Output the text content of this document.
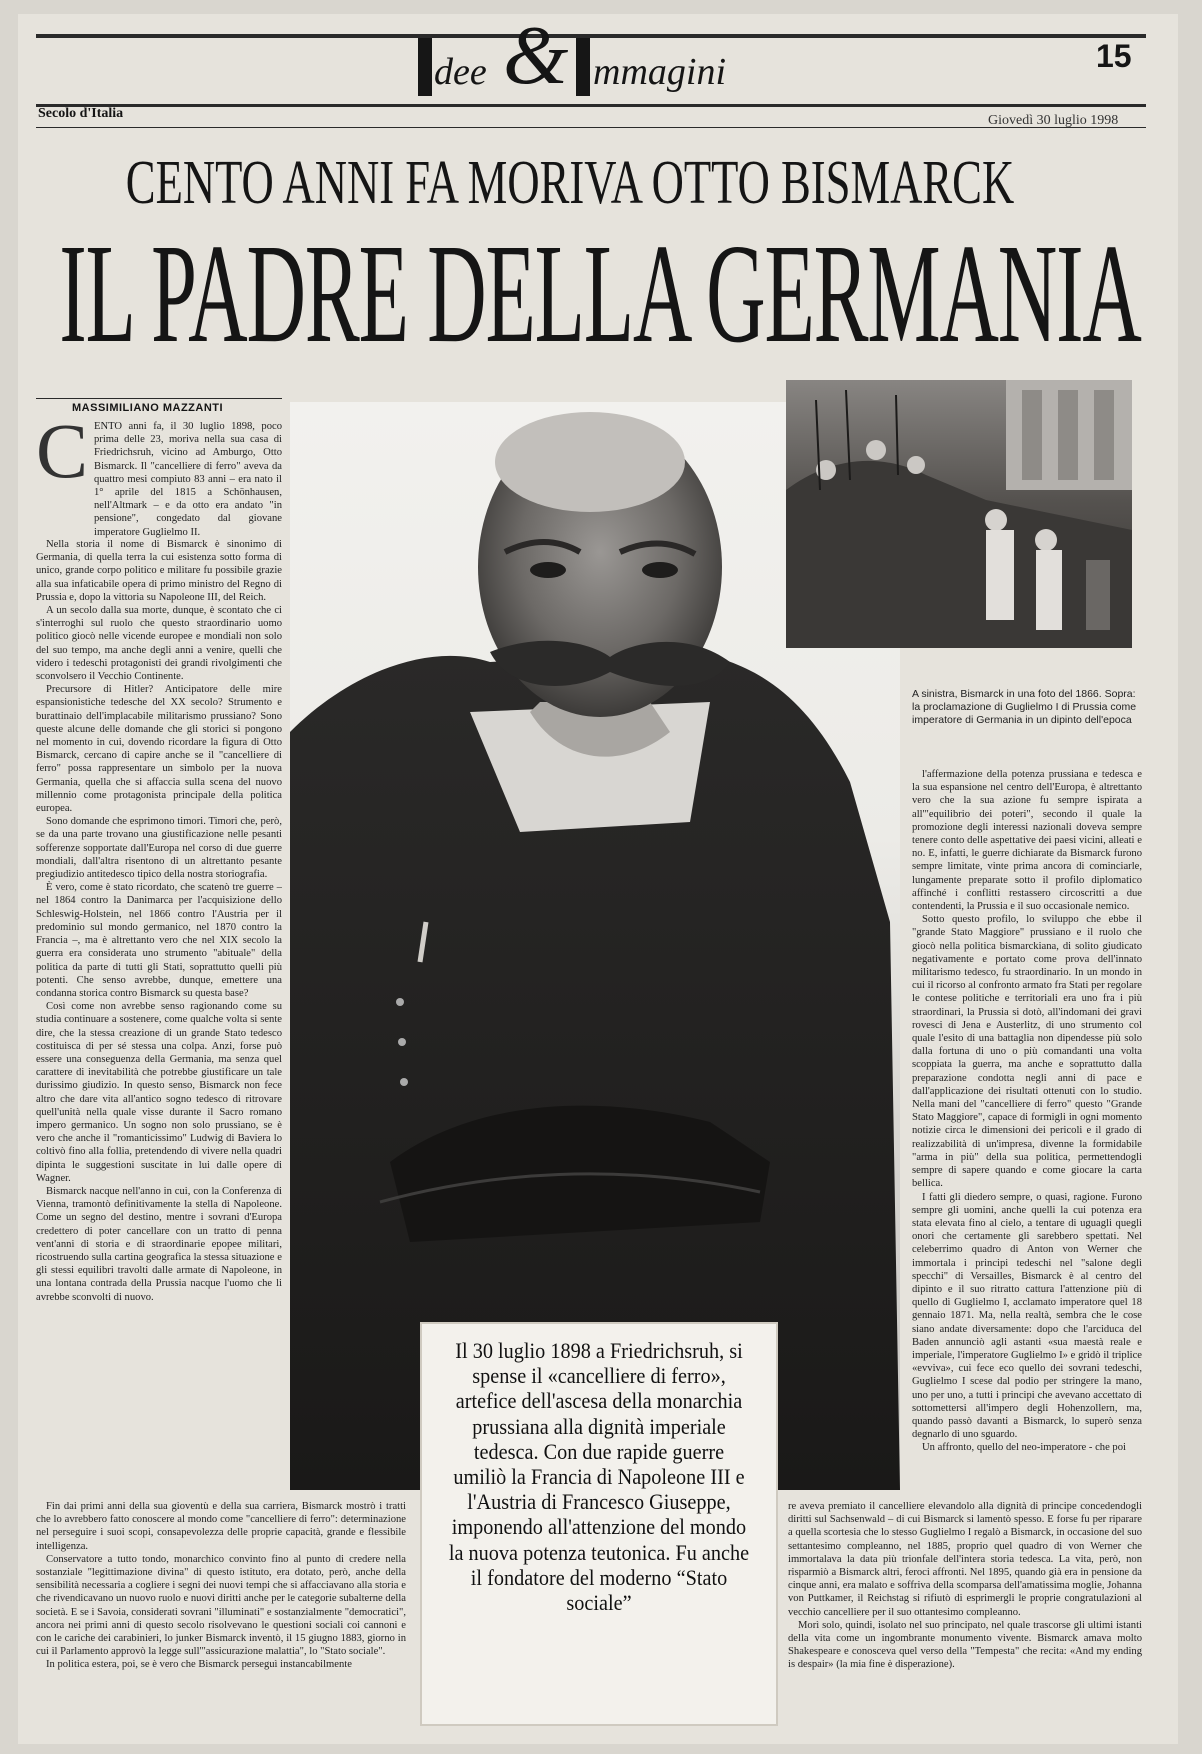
dee & mmagini	15
Secolo d'Italia	Giovedì 30 luglio 1998
CENTO ANNI FA MORIVA OTTO BISMARCK
IL PADRE DELLA GERMANIA
MASSIMILIANO MAZZANTI
C ENTO anni fa, il 30 luglio 1898, poco prima delle 23, moriva nella sua casa di Friedrichsruh, vicino ad Amburgo, Otto Bismarck. Il "cancelliere di ferro" aveva da quattro mesi compiuto 83 anni – era nato il 1° aprile del 1815 a Schönhausen, nell'Altmark – e da otto era andato "in pensione", congedato dal giovane imperatore Guglielmo II.

Nella storia il nome di Bismarck è sinonimo di Germania, di quella terra la cui esistenza sotto forma di unico, grande corpo politico e militare fu possibile grazie alla sua infaticabile opera di primo ministro del Regno di Prussia e, dopo la vittoria su Napoleone III, del Reich.

A un secolo dalla sua morte, dunque, è scontato che ci s'interroghi sul ruolo che questo straordinario uomo politico giocò nelle vicende europee e mondiali non solo del suo tempo, ma anche degli anni a venire, quelli che videro i tedeschi protagonisti dei grandi rivolgimenti che sconvolsero il Vecchio Continente.

Precursore di Hitler? Anticipatore delle mire espansionistiche tedesche del XX secolo? Strumento e burattinaio dell'implacabile militarismo prussiano? Sono queste alcune delle domande che gli storici si pongono nel momento in cui, dovendo ricordare la figura di Otto Bismarck, cercano di capire anche se il "cancelliere di ferro" possa rappresentare un simbolo per la nuova Germania, quella che si affaccia sulla scena del nuovo millennio come protagonista principale della politica europea.

Sono domande che esprimono timori. Timori che, però, se da una parte trovano una giustificazione nelle pesanti sofferenze sopportate dall'Europa nel corso di due guerre mondiali, dall'altra risentono di un altrettanto pesante pregiudizio antitedesco tipico della nostra storiografia.

È vero, come è stato ricordato, che scatenò tre guerre – nel 1864 contro la Danimarca per l'acquisizione dello Schleswig-Holstein, nel 1866 contro l'Austria per il predominio sul mondo germanico, nel 1870 contro la Francia –, ma è altrettanto vero che nel XIX secolo la guerra era considerata uno strumento "abituale" della politica da parte di tutti gli Stati, soprattutto quelli più potenti. Che senso avrebbe, dunque, emettere una condanna storica contro Bismarck su questa base?

Così come non avrebbe senso ragionando come su studia continuare a sostenere, come qualche volta si sente dire, che la stessa creazione di un grande Stato tedesco costituisca di per sé stessa una colpa. Anzi, forse può essere una conseguenza della Germania, ma senza quel carattere di inevitabilità che potrebbe giustificare un tale durissimo giudizio. In questo senso, Bismarck non fece altro che dare vita all'antico sogno tedesco di ritrovare quell'unità nella quale visse durante il Sacro romano impero germanico. Un sogno non solo prussiano, se è vero che anche il "romanticissimo" Ludwig di Baviera lo coltivò fino alla follia, pretendendo di vivere nella quadri dipinta le suggestioni suscitate in lui dalle opere di Wagner.

Bismarck nacque nell'anno in cui, con la Conferenza di Vienna, tramontò definitivamente la stella di Napoleone. Come un segno del destino, mentre i sovrani d'Europa credettero di poter cancellare con un tratto di penna vent'anni di storia e di straordinarie epopee militari, ricostruendo sulla cartina geografica la stessa situazione e gli stessi equilibri travolti dalle armate di Napoleone, in una lontana contrada della Prussia nacque l'uomo che li avrebbe sconvolti di nuovo.

Fin dai primi anni della sua gioventù e della sua carriera, Bismarck mostrò i tratti che lo avrebbero fatto conoscere al mondo come "cancelliere di ferro": determinazione nel perseguire i suoi scopi, consapevolezza delle proprie capacità, grande e flessibile intelligenza.

Conservatore a tutto tondo, monarchico convinto fino al punto di credere nella sostanziale "legittimazione divina" di questo istituto, era dotato, però, anche della sensibilità necessaria a cogliere i segni dei nuovi tempi che si affacciavano alla storia e che rivendicavano un nuovo ruolo e nuovi diritti anche per le categorie subalterne della società. E se i Savoia, considerati sovrani "illuminati" e sostanzialmente "democratici", ancora nei primi anni di questo secolo risolvevano le questioni sociali coi cannoni e con le cariche dei carabinieri, lo junker Bismarck inventò, il 15 giugno 1883, giorno in cui il Parlamento approvò la legge sull'"assicurazione malattia", lo "Stato sociale".

In politica estera, poi, se è vero che Bismarck perseguì instancabilmente

A sinistra, Bismarck in una foto del 1866. Sopra: la proclamazione di Guglielmo I di Prussia come imperatore di Germania in un dipinto dell'epoca

l'affermazione della potenza prussiana e tedesca e la sua espansione nel centro dell'Europa, è altrettanto vero che la sua azione fu sempre ispirata a all'"equilibrio dei poteri", secondo il quale la promozione degli interessi nazionali doveva sempre tenere conto delle aspettative dei paesi vicini, alleati e no. E, infatti, le guerre dichiarate da Bismarck furono sempre limitate, vinte prima ancora di cominciarle, lungamente preparate sotto il profilo diplomatico affinché i conflitti restassero circoscritti a due contendenti, la Prussia e il suo occasionale nemico.

Sotto questo profilo, lo sviluppo che ebbe il "grande Stato Maggiore" prussiano e il ruolo che giocò nella politica bismarckiana, di solito giudicato negativamente e portato come prova dell'innato militarismo tedesco, fu straordinario. In un mondo in cui il ricorso al confronto armato fra Stati per regolare le contese politiche e territoriali era uno fra i più straordinari, la Prussia si dotò, all'indomani dei gravi rovesci di Jena e Austerlitz, di uno strumento col quale l'esito di una battaglia non dipendesse più solo dalla fortuna di uno o più comandanti una volta scoppiata la guerra, ma anche e soprattutto dalla preparazione condotta negli anni di pace e dall'applicazione dei risultati ottenuti con lo studio. Nella mani del "cancelliere di ferro" questo "Grande Stato Maggiore", capace di formigli in ogni momento notizie circa le dimensioni dei pericoli e il grado di realizzabilità di un'impresa, divenne la formidabile "arma in più" della sua politica, permettendogli sempre di sapere quando e come giocare la carta bellica.

I fatti gli diedero sempre, o quasi, ragione. Furono sempre gli uomini, anche quelli la cui potenza era stata elevata fino al cielo, a tentare di uguagli quegli onori che certamente gli sarebbero spettati. Nel celeberrimo quadro di Anton von Werner che immortala i principi tedeschi nel "salone degli specchi" di Versailles, Bismarck è al centro del dipinto e il suo ritratto cattura l'attenzione più di quello di Guglielmo I, acclamato imperatore quel 18 gennaio 1871. Ma, nella realtà, sembra che le cose siano andate diversamente: dopo che l'arciduca del Baden annunciò agli astanti «sua maestà reale e imperiale, l'imperatore Guglielmo I» e gridò il triplice «evviva», cui fece eco quello dei sovrani tedeschi, Guglielmo I scese dal podio per stringere la mano, uno per uno, a tutti i principi che avevano accettato di sottomettersi all'impero degli Hohenzollern, ma, quando passò davanti a Bismarck, lo superò senza degnarlo di uno sguardo.

Un affronto, quello del neo-imperatore - che poi

re aveva premiato il cancelliere elevandolo alla dignità di principe concedendogli diritti sul Sachsenwald – di cui Bismarck si lamentò spesso. E forse fu per riparare a quella scortesia che lo stesso Guglielmo I regalò a Bismarck, in occasione del suo settantesimo compleanno, nel 1885, proprio quel quadro di von Werner che immortalava la data più trionfale dell'intera storia tedesca. La vita, però, non risparmiò a Bismarck altri, feroci affronti. Nel 1895, quando già era in pensione da cinque anni, era malato e soffriva della scomparsa dell'amatissima moglie, Johanna von Puttkamer, il Reichstag si rifiutò di esprimergli le proprie congratulazioni al vecchio cancelliere per il suo ottantesimo compleanno.

Morì solo, quindi, isolato nel suo principato, nel quale trascorse gli ultimi istanti della vita come un ingombrante monumento vivente. Bismarck amava molto Shakespeare e conosceva quel verso della "Tempesta" che recita: «And my ending is despair» (la mia fine è disperazione).

Il 30 luglio 1898 a Friedrichsruh, si spense il «cancelliere di ferro», artefice dell'ascesa della monarchia prussiana alla dignità imperiale tedesca. Con due rapide guerre umiliò la Francia di Napoleone III e l'Austria di Francesco Giuseppe, imponendo all'attenzione del mondo la nuova potenza teutonica. Fu anche il fondatore del moderno “Stato sociale”
